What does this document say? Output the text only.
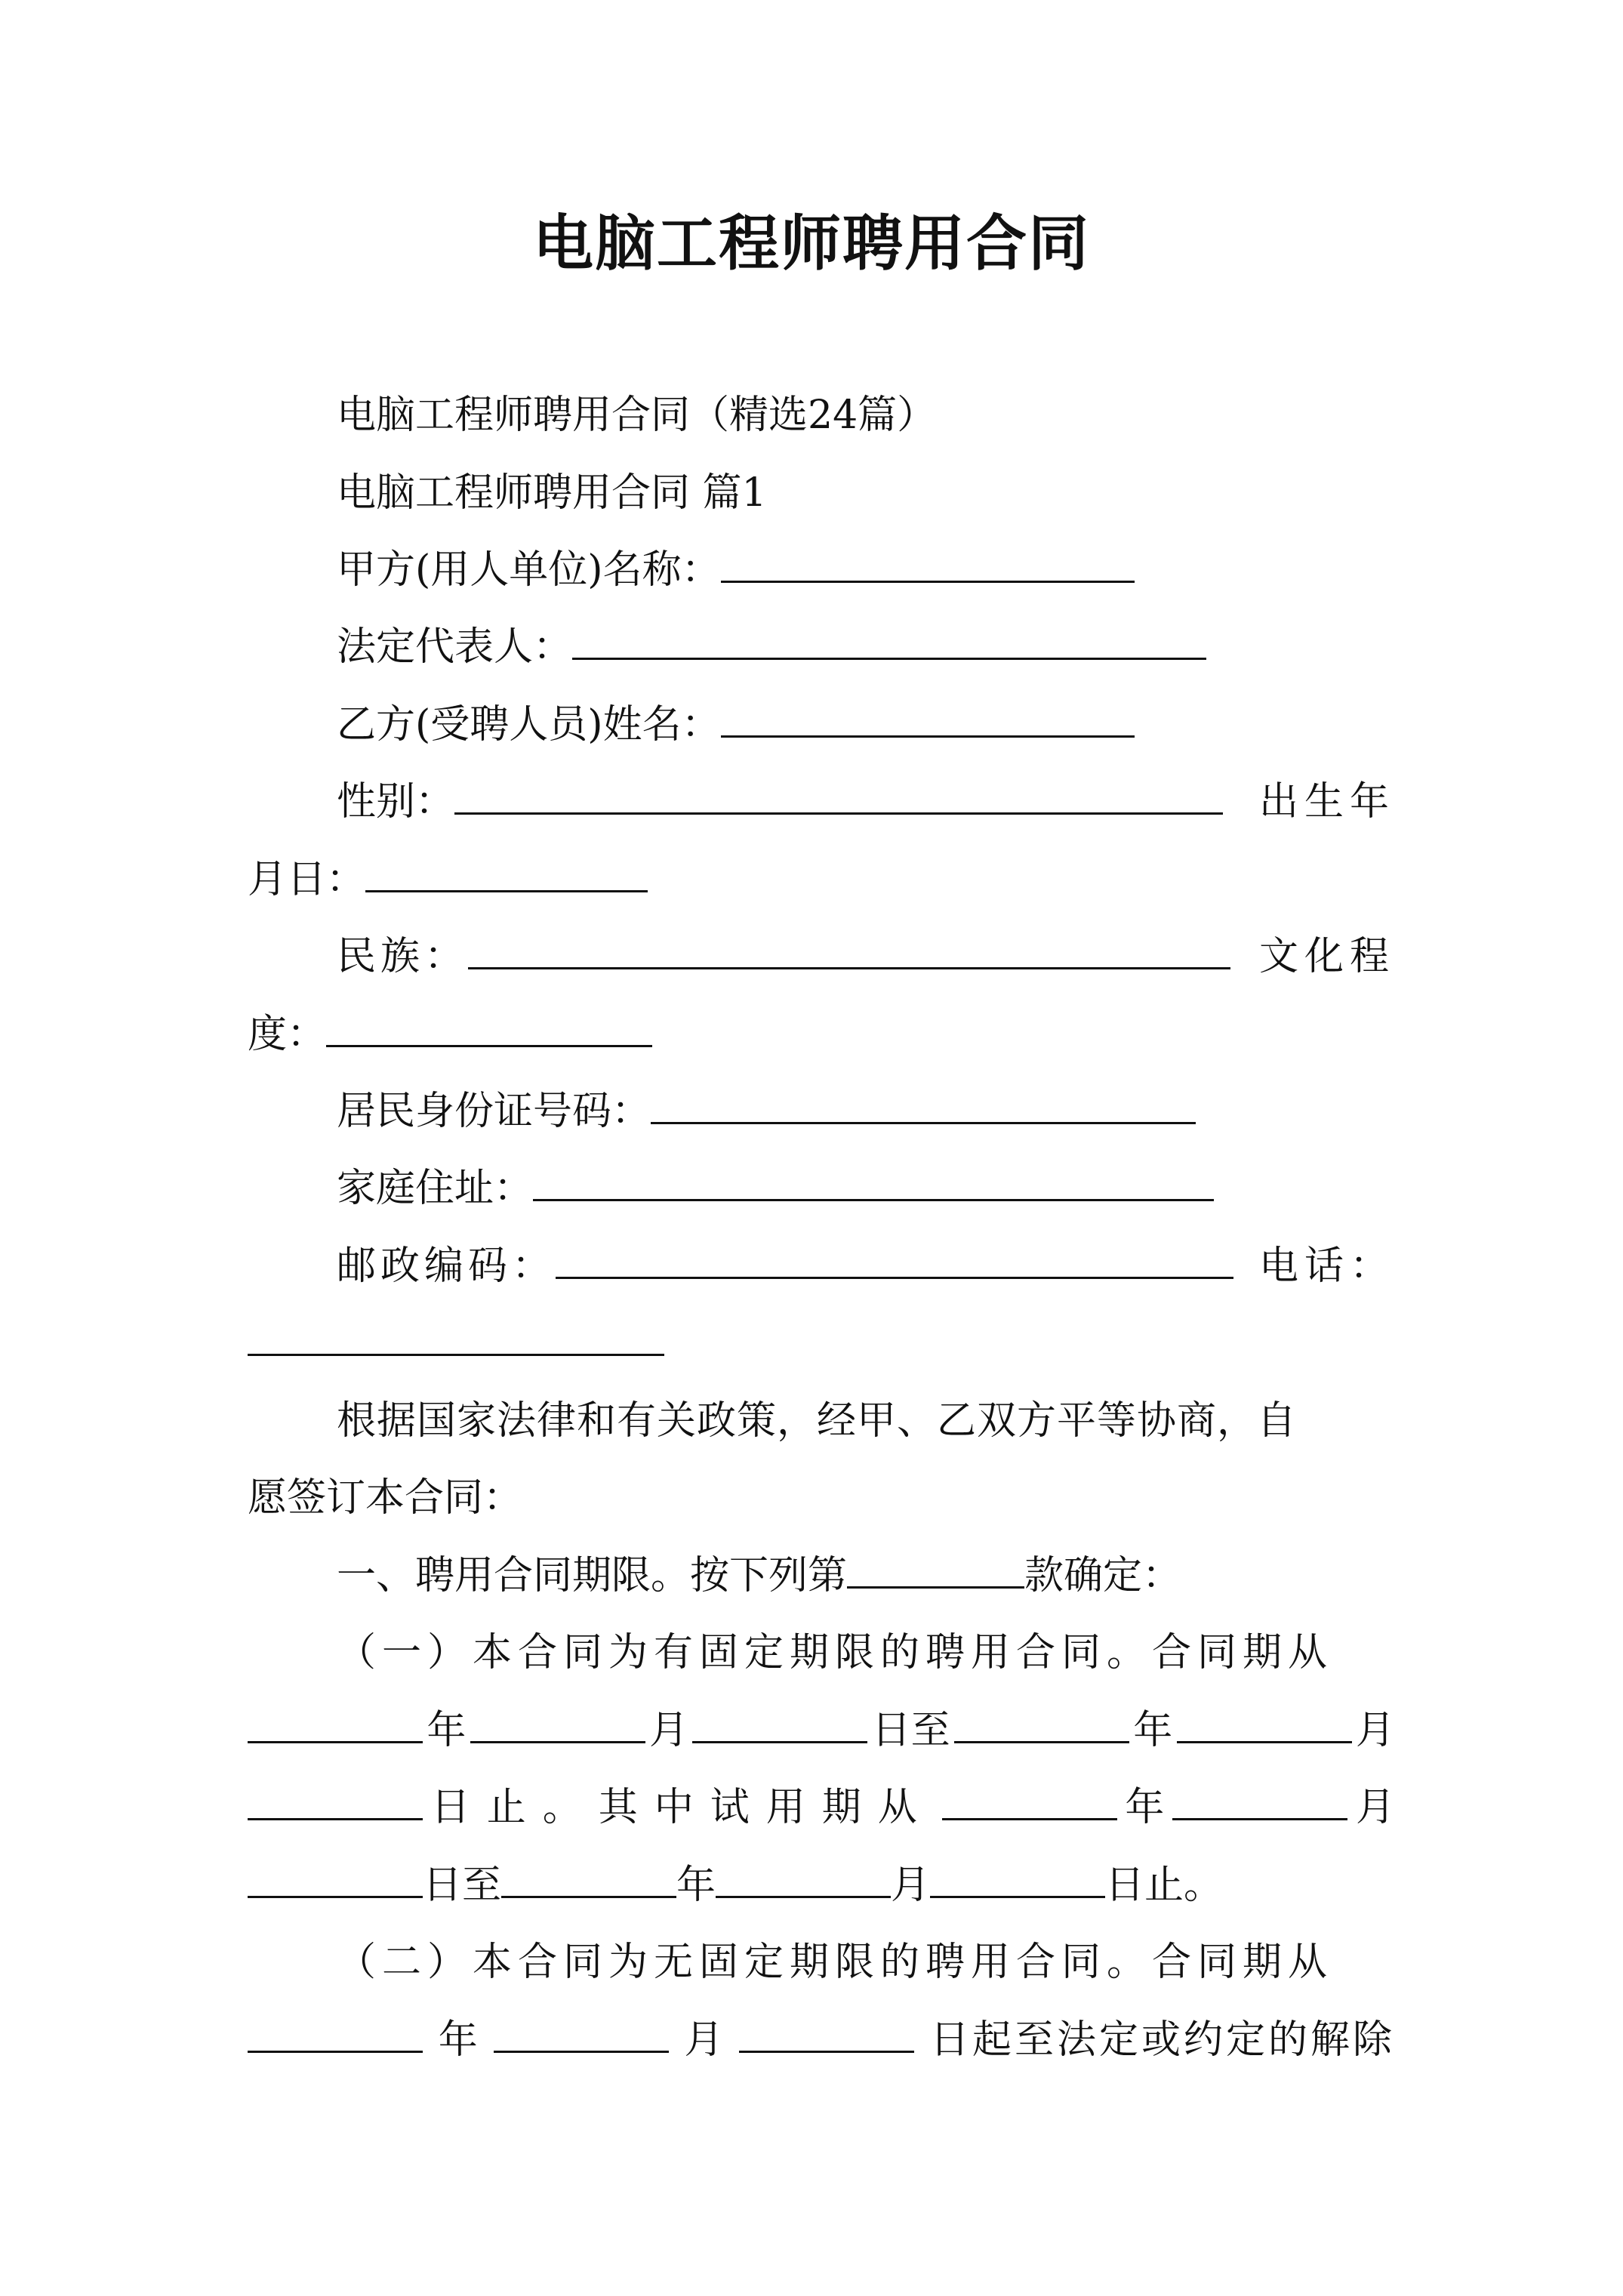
电脑工程师聘用合同
电脑工程师聘用合同（精选24篇）
电脑工程师聘用合同 篇1
甲方(用人单位)名称：
法定代表人：
乙方(受聘人员)姓名：
性别：	出生年
月日：
民族：	文化程
度：
居民身份证号码：
家庭住址：
邮政编码：	电话：
根据国家法律和有关政策，经甲、乙双方平等协商，自
愿签订本合同：
一、聘用合同期限。按下列第	款确定：
（一）本合同为有固定期限的聘用合同。合同期从
年	月	日至	年	月
日止。其中试用期从	年	月
日至	年	月	日止。
（二）本合同为无固定期限的聘用合同。合同期从
年	月	日起至法定或约定的解除
